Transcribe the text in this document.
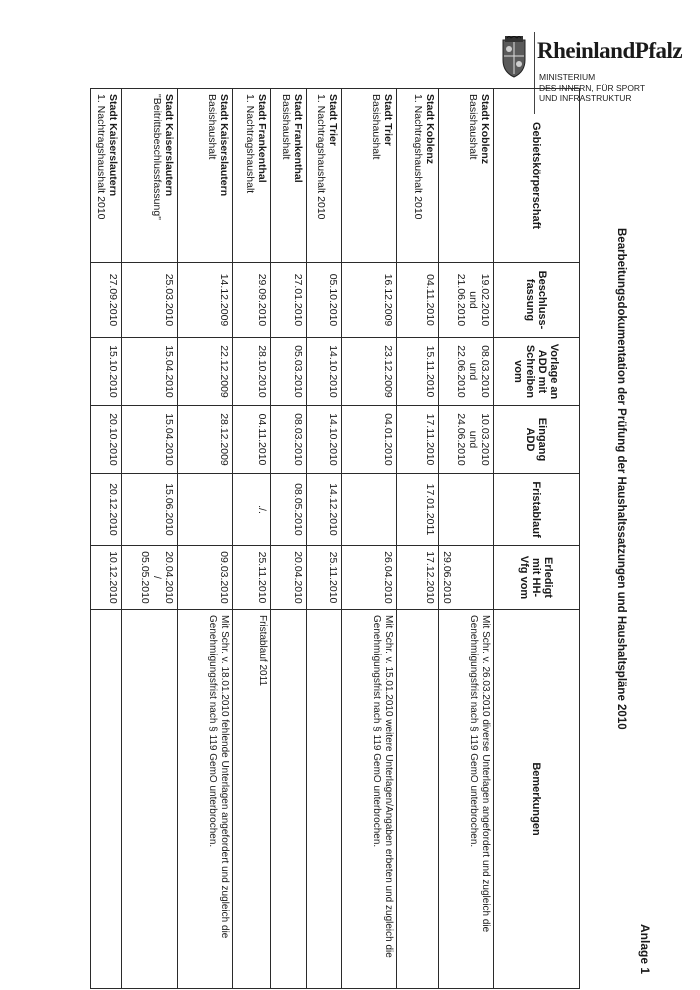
RheinlandPfalz
MINISTERIUM
DES INNERN, FÜR SPORT
UND INFRASTRUKTUR
Anlage 1
Bearbeitungsdokumentation der Prüfung der Haushaltssatzungen und Haushaltspläne 2010
Gebietskörperschaft	Beschluss-fassung	Vorlage an ADD mit Schreiben vom	Eingang ADD	Fristablauf	Erledigt mit HH-Vfg vom	Bemerkungen

Stadt Koblenz
Basishaushalt	19.02.2010
und
21.06.2010	08.03.2010
und
22.06.2010	10.03.2010
und
24.06.2010		29.06.2010	Mit Schr. v. 26.03.2010 diverse Unterlagen angefordert und zugleich die Genehmigungsfrist nach § 119 GemO unterbrochen.

Stadt Koblenz
1. Nachtragshaushalt 2010	04.11.2010	15.11.2010	17.11.2010	17.01.2011	17.12.2010	

Stadt Trier
Basishaushalt	16.12.2009	23.12.2009	04.01.2010		26.04.2010	Mit Schr. v. 15.01.2010 weitere Unterlagen/Angaben erbeten und zugleich die Genehmigungsfrist nach § 119 GemO unterbrochen.

Stadt Trier
1. Nachtragshaushalt 2010	05.10.2010	14.10.2010	14.10.2010	14.12.2010	25.11.2010	

Stadt Frankenthal
Basishaushalt	27.01.2010	05.03.2010	08.03.2010	08.05.2010	20.04.2010	

Stadt Frankenthal
1. Nachtragshaushalt	29.09.2010	28.10.2010	04.11.2010	./.	25.11.2010	Fristablauf 2011

Stadt Kaiserslautern
Basishaushalt	14.12.2009	22.12.2009	28.12.2009		09.03.2010	Mit Schr. v. 18.01.2010 fehlende Unterlagen angefordert und zugleich die Genehmigungsfrist nach § 119 GemO unterbrochen.

Stadt Kaiserslautern
"Beitrittsbeschlussfassung"	25.03.2010	15.04.2010	15.04.2010	15.06.2010	20.04.2010
/
05.05.2010	

Stadt Kaiserslautern
1. Nachtragshaushalt 2010	27.09.2010	15.10.2010	20.10.2010	20.12.2010	10.12.2010	
